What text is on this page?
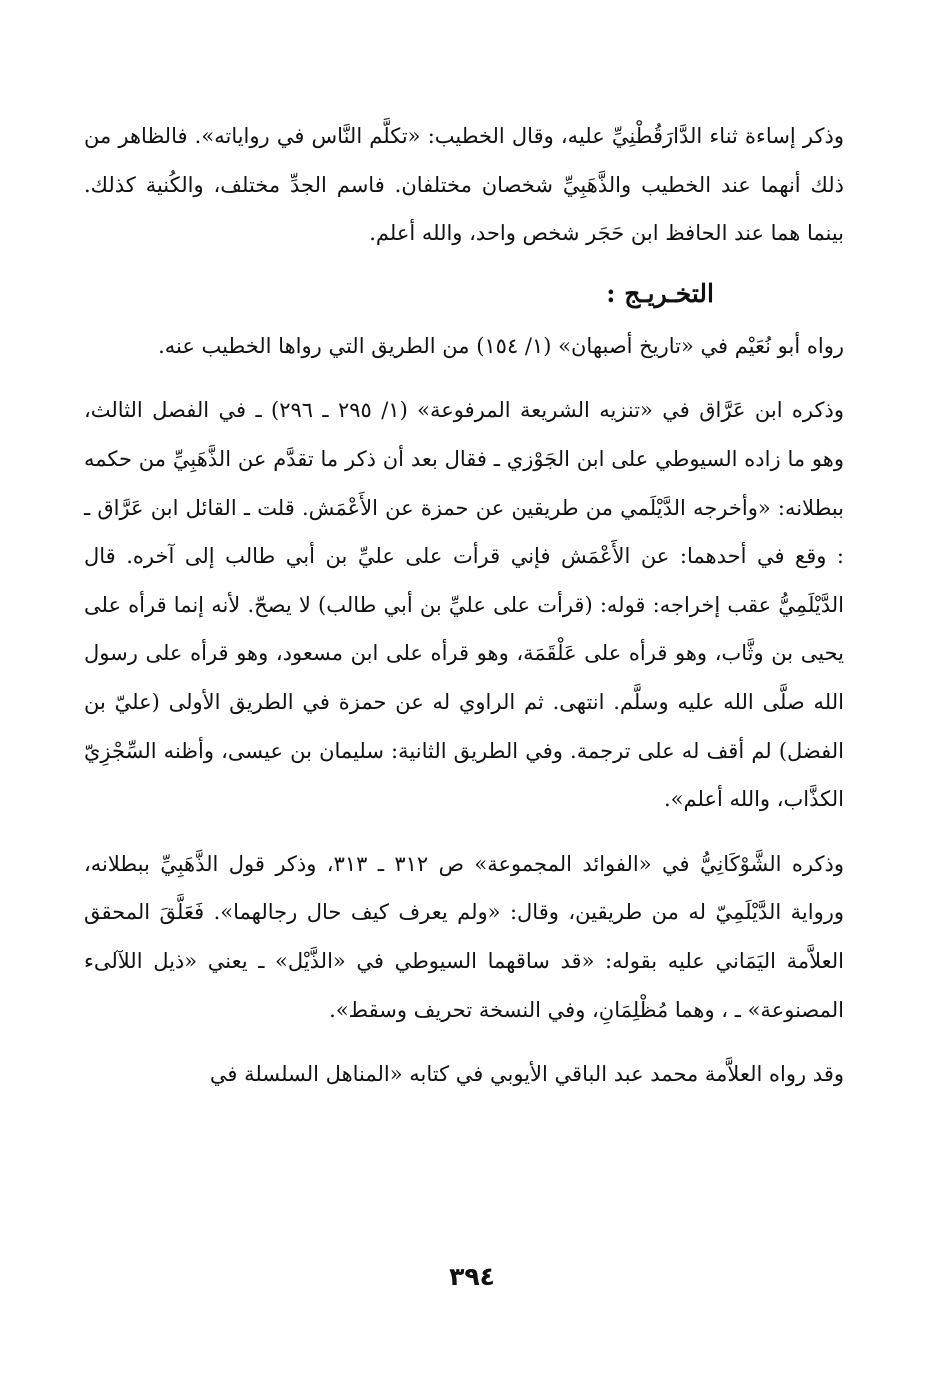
وذكر إساءة ثناء الدَّارَقُطْنِيِّ عليه، وقال الخطيب: «تكلَّم النَّاس في رواياته». فالظاهر من ذلك أنهما عند الخطيب والذَّهَبِيِّ شخصان مختلفان. فاسم الجدِّ مختلف، والكُنية كذلك. بينما هما عند الحافظ ابن حَجَر شخص واحد، والله أعلم.

التخـريـج :

رواه أبو نُعَيْم في «تاريخ أصبهان» (١/ ١٥٤) من الطريق التي رواها الخطيب عنه.

وذكره ابن عَرَّاق في «تنزيه الشريعة المرفوعة» (١/ ٢٩٥ ـ ٢٩٦) ـ في الفصل الثالث، وهو ما زاده السيوطي على ابن الجَوْزي ـ فقال بعد أن ذكر ما تقدَّم عن الذَّهَبِيِّ من حكمه ببطلانه: «وأخرجه الدَّيْلَمي من طريقين عن حمزة عن الأَعْمَش. قلت ـ القائل ابن عَرَّاق ـ : وقع في أحدهما: عن الأَعْمَش فإني قرأت على عليِّ بن أبي طالب إلى آخره. قال الدَّيْلَمِيُّ عقب إخراجه: قوله: (قرأت على عليِّ بن أبي طالب) لا يصحّ. لأنه إنما قرأه على يحيى بن وثَّاب، وهو قرأه على عَلْقَمَة، وهو قرأه على ابن مسعود، وهو قرأه على رسول الله صلَّى الله عليه وسلَّم. انتهى. ثم الراوي له عن حمزة في الطريق الأولى (عليّ بن الفضل) لم أقف له على ترجمة. وفي الطريق الثانية: سليمان بن عيسى، وأظنه السِّجْزِيّ الكذَّاب، والله أعلم».

وذكره الشَّوْكَانِيُّ في «الفوائد المجموعة» ص ٣١٢ ـ ٣١٣، وذكر قول الذَّهَبِيِّ ببطلانه، ورواية الدَّيْلَمِيّ له من طريقين، وقال: «ولم يعرف كيف حال رجالهما». فَعَلَّقَ المحقق العلاَّمة اليَمَاني عليه بقوله: «قد ساقهما السيوطي في «الذَّيْل» ـ يعني «ذيل اللآلىء المصنوعة» ـ ، وهما مُظْلِمَانِ، وفي النسخة تحريف وسقط».

وقد رواه العلاَّمة محمد عبد الباقي الأيوبي في كتابه «المناهل السلسلة في

٣٩٤
